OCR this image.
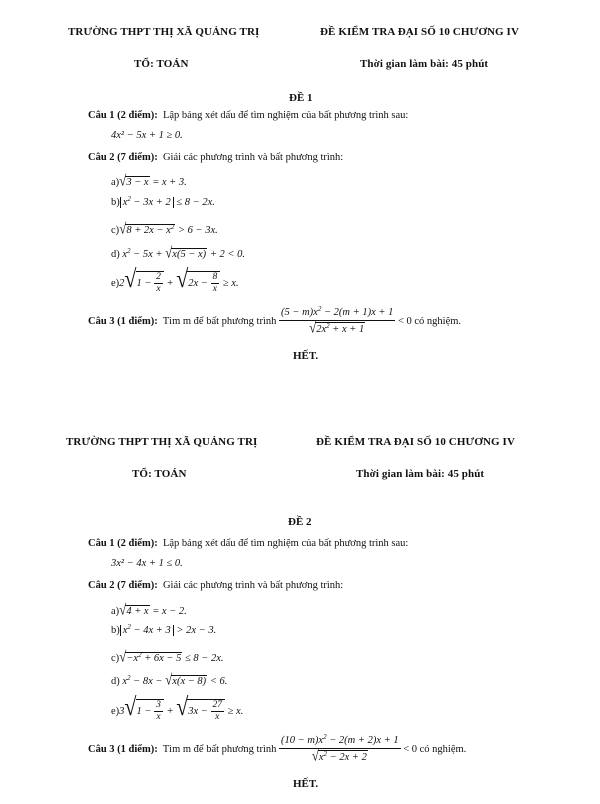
TRƯỜNG THPT THỊ XÃ QUẢNG TRỊ	ĐỀ KIỂM TRA ĐẠI SỐ 10 CHƯƠNG IV
TỔ: TOÁN	Thời gian làm bài: 45 phút
ĐỀ 1
Câu 1 (2 điểm): Lập bảng xét dấu để tìm nghiệm của bất phương trình sau:
4x² − 5x + 1 ≥ 0.
Câu 2 (7 điểm): Giải các phương trình và bất phương trình:
a)√3 − x = x + 3.
b) $x^2 - 3x + 2 \le 8 - 2x$.
$c)√8 + 2x - x^2 > 6 - 3x$.
d) $x^2 - 5x + √x(5 - x) + 2 < 0$.
$e)2√1 - \frac{2}{x} + √2x - \frac{8}{x} \ge x$.
Câu 3 (1 điểm): Tìm m để bất phương trình $\frac{(5 - m)x^2 - 2(m + 1)x + 1}{√2x^2 + x + 1} < 0$ có nghiệm.
HẾT.
TRƯỜNG THPT THỊ XÃ QUẢNG TRỊ	ĐỀ KIỂM TRA ĐẠI SỐ 10 CHƯƠNG IV
TỔ: TOÁN	Thời gian làm bài: 45 phút
ĐỀ 2
Câu 1 (2 điểm): Lập bảng xét dấu để tìm nghiệm của bất phương trình sau:
3x² − 4x + 1 ≤ 0.
Câu 2 (7 điểm): Giải các phương trình và bất phương trình:
a)√4 + x = x − 2.
b) $x^2 - 4x + 3 > 2x - 3$.
$c)√-x^2 + 6x - 5 \le 8 - 2x$.
d) $x^2 - 8x - √x(x - 8) < 6$.
$e)3√1 - \frac{3}{x} + √3x - \frac{27}{x} \ge x$.
Câu 3 (1 điểm): Tìm m để bất phương trình $\frac{(10 - m)x^2 - 2(m + 2)x + 1}{√x^2 - 2x + 2} < 0$ có nghiệm.
HẾT.
